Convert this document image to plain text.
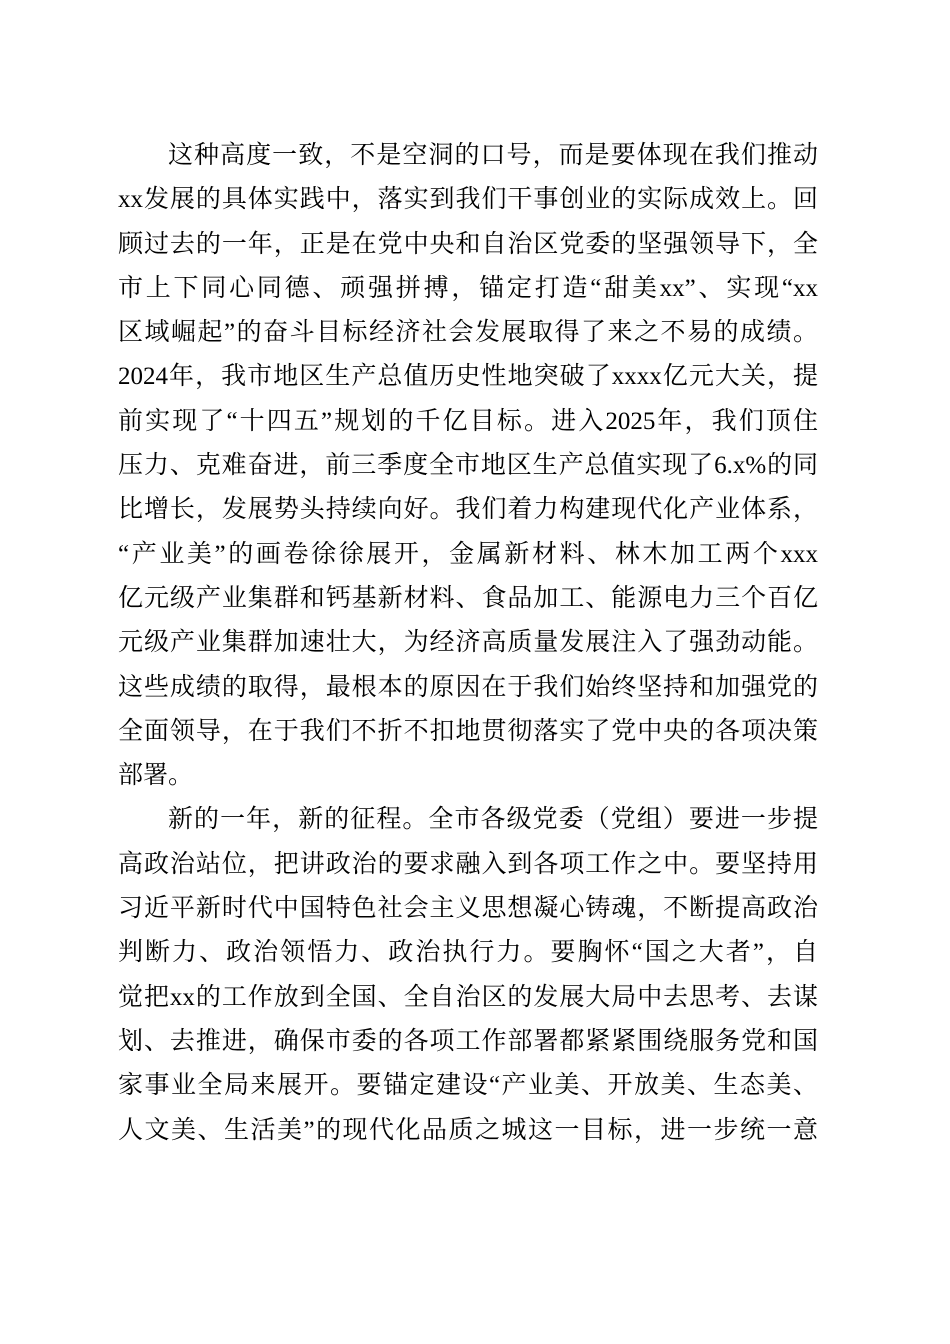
这种高度一致，不是空洞的口号，而是要体现在我们推动
xx发展的具体实践中，落实到我们干事创业的实际成效上。回
顾过去的一年，正是在党中央和自治区党委的坚强领导下，全
市上下同心同德、顽强拼搏，锚定打造“甜美xx”、实现“xx
区域崛起”的奋斗目标经济社会发展取得了来之不易的成绩。
2024年，我市地区生产总值历史性地突破了xxxx亿元大关，提
前实现了“十四五”规划的千亿目标。进入2025年，我们顶住
压力、克难奋进，前三季度全市地区生产总值实现了6.x%的同
比增长，发展势头持续向好。我们着力构建现代化产业体系，
“产业美”的画卷徐徐展开，金属新材料、林木加工两个xxx
亿元级产业集群和钙基新材料、食品加工、能源电力三个百亿
元级产业集群加速壮大，为经济高质量发展注入了强劲动能。
这些成绩的取得，最根本的原因在于我们始终坚持和加强党的
全面领导，在于我们不折不扣地贯彻落实了党中央的各项决策
部署。
新的一年，新的征程。全市各级党委（党组）要进一步提
高政治站位，把讲政治的要求融入到各项工作之中。要坚持用
习近平新时代中国特色社会主义思想凝心铸魂，不断提高政治
判断力、政治领悟力、政治执行力。要胸怀“国之大者”，自
觉把xx的工作放到全国、全自治区的发展大局中去思考、去谋
划、去推进，确保市委的各项工作部署都紧紧围绕服务党和国
家事业全局来展开。要锚定建设“产业美、开放美、生态美、
人文美、生活美”的现代化品质之城这一目标，进一步统一意
